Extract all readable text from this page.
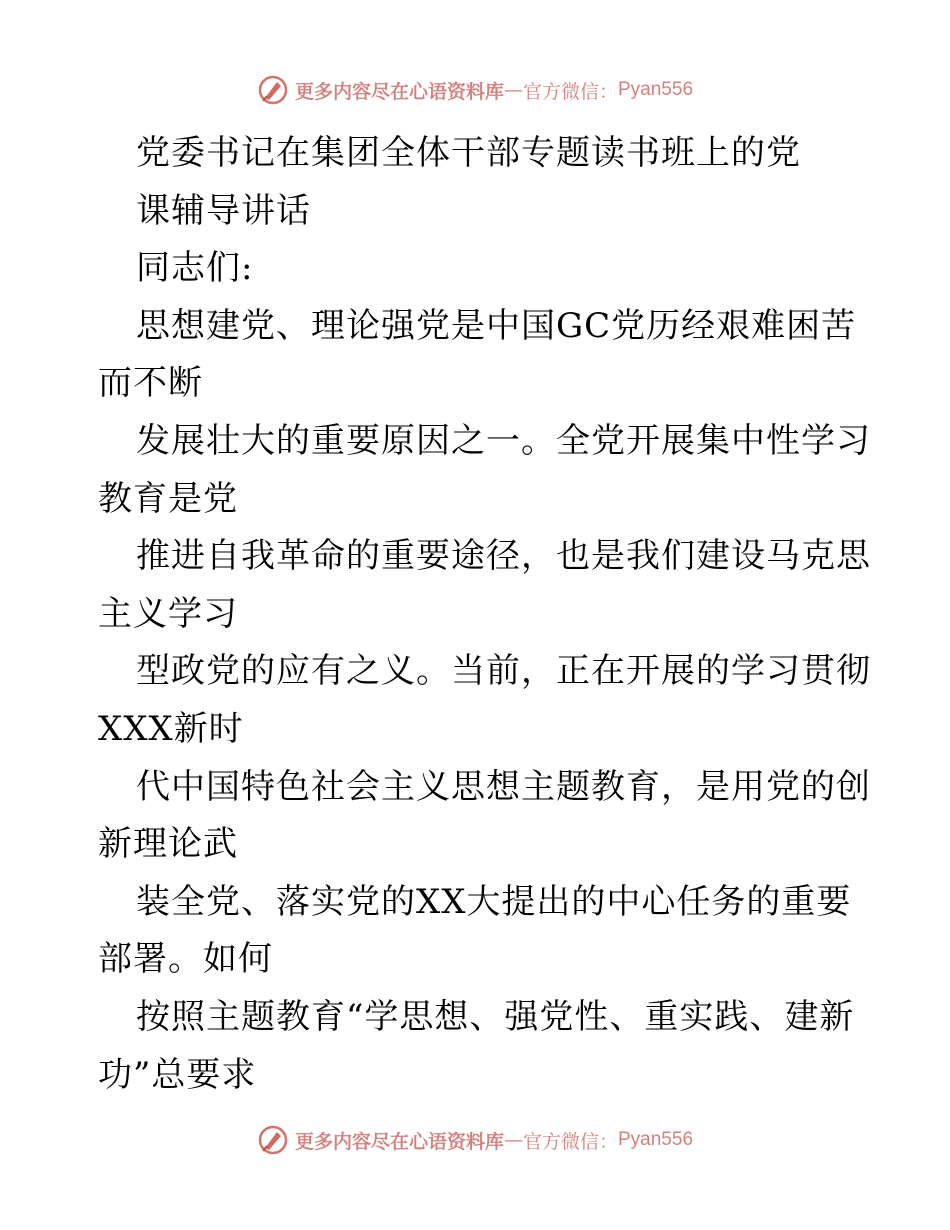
更多内容尽在心语资料库 — 官方微信： Pyan556
党委书记在集团全体干部专题读书班上的党
课辅导讲话
同志们:
思想建党、理论强党是中国GC党历经艰难困苦
而不断
发展壮大的重要原因之一。全党开展集中性学习
教育是党
推进自我革命的重要途径，也是我们建设马克思
主义学习
型政党的应有之义。当前，正在开展的学习贯彻
XXX新时
代中国特色社会主义思想主题教育，是用党的创
新理论武
装全党、落实党的XX大提出的中心任务的重要
部署。如何
按照主题教育“学思想、强党性、重实践、建新
功”总要求
更多内容尽在心语资料库 — 官方微信： Pyan556
